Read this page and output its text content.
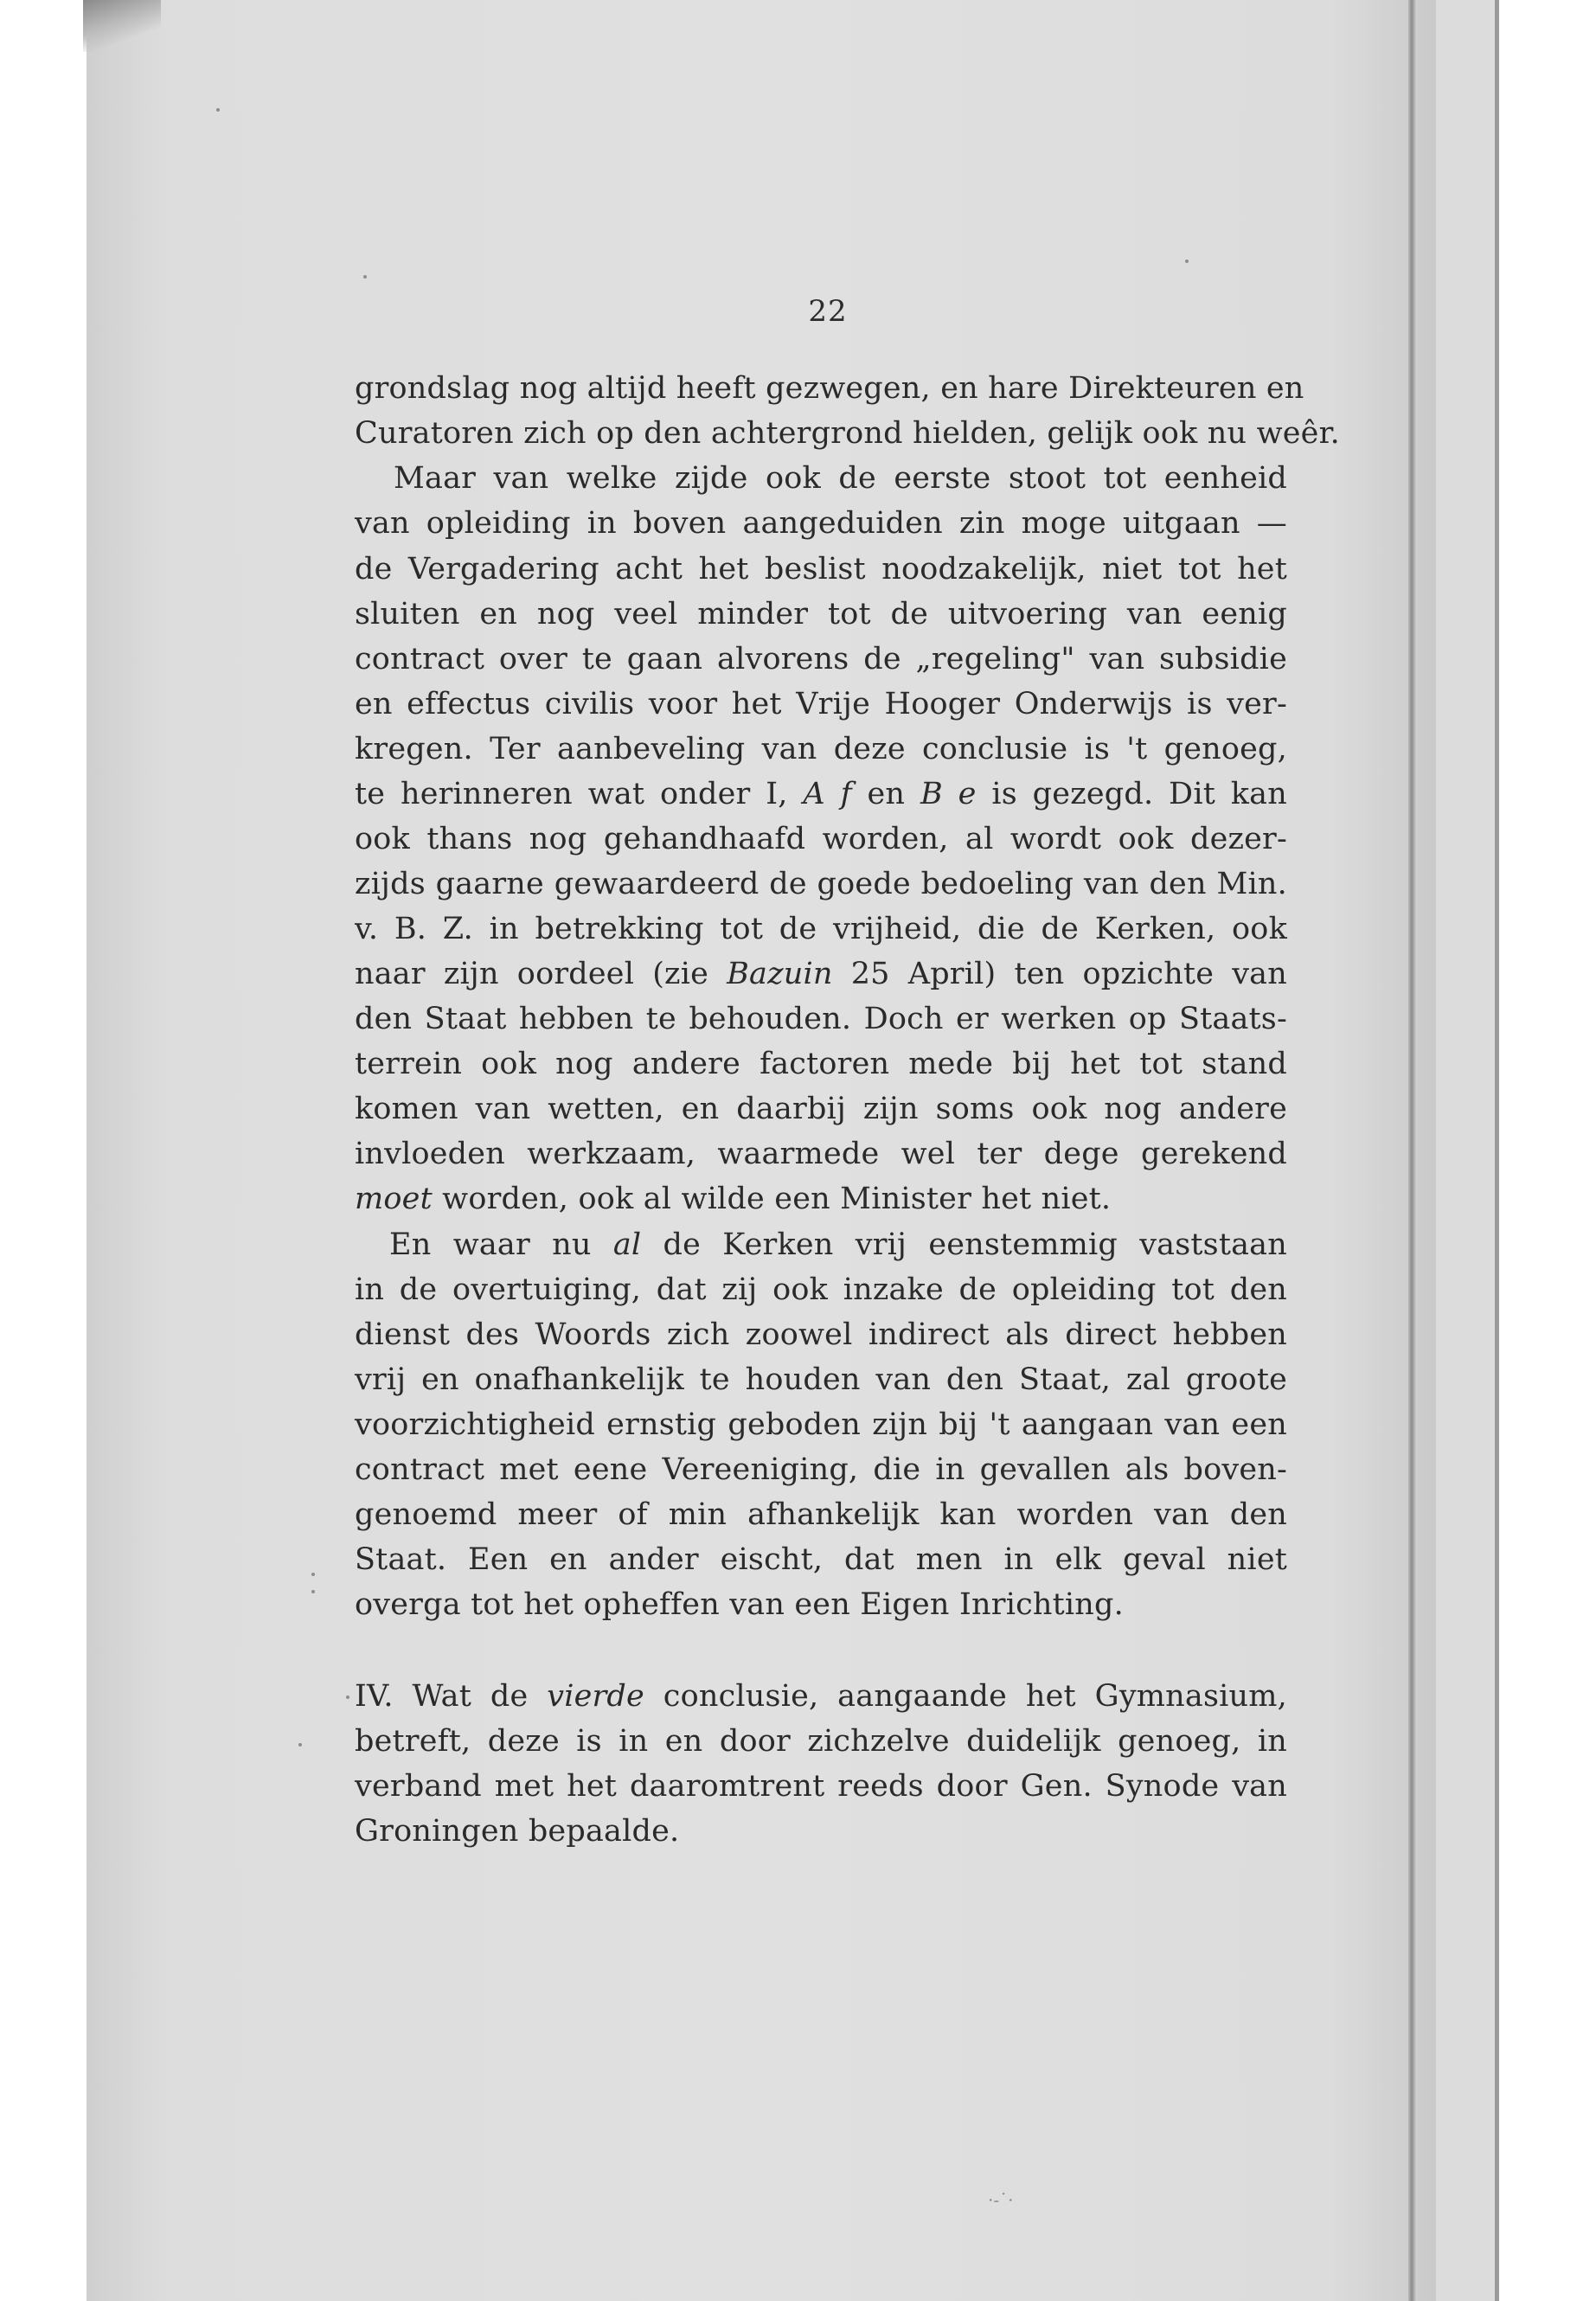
22
grondslag nog altijd heeft gezwegen, en hare Direkteuren en
Curatoren zich op den achtergrond hielden, gelijk ook nu weêr.
Maar van welke zijde ook de eerste stoot tot eenheid
van opleiding in boven aangeduiden zin moge uitgaan —
de Vergadering acht het beslist noodzakelijk, niet tot het
sluiten en nog veel minder tot de uitvoering van eenig
contract over te gaan alvorens de „regeling" van subsidie
en effectus civilis voor het Vrije Hooger Onderwijs is ver-
kregen. Ter aanbeveling van deze conclusie is 't genoeg,
te herinneren wat onder I, A f en B e is gezegd. Dit kan
ook thans nog gehandhaafd worden, al wordt ook dezer-
zijds gaarne gewaardeerd de goede bedoeling van den Min.
v. B. Z. in betrekking tot de vrijheid, die de Kerken, ook
naar zijn oordeel (zie Bazuin 25 April) ten opzichte van
den Staat hebben te behouden. Doch er werken op Staats-
terrein ook nog andere factoren mede bij het tot stand
komen van wetten, en daarbij zijn soms ook nog andere
invloeden werkzaam, waarmede wel ter dege gerekend
moet worden, ook al wilde een Minister het niet.
En waar nu al de Kerken vrij eenstemmig vaststaan
in de overtuiging, dat zij ook inzake de opleiding tot den
dienst des Woords zich zoowel indirect als direct hebben
vrij en onafhankelijk te houden van den Staat, zal groote
voorzichtigheid ernstig geboden zijn bij 't aangaan van een
contract met eene Vereeniging, die in gevallen als boven-
genoemd meer of min afhankelijk kan worden van den
Staat. Een en ander eischt, dat men in elk geval niet
overga tot het opheffen van een Eigen Inrichting.
IV. Wat de vierde conclusie, aangaande het Gymnasium,
betreft, deze is in en door zichzelve duidelijk genoeg, in
verband met het daaromtrent reeds door Gen. Synode van
Groningen bepaalde.
·-˙·
